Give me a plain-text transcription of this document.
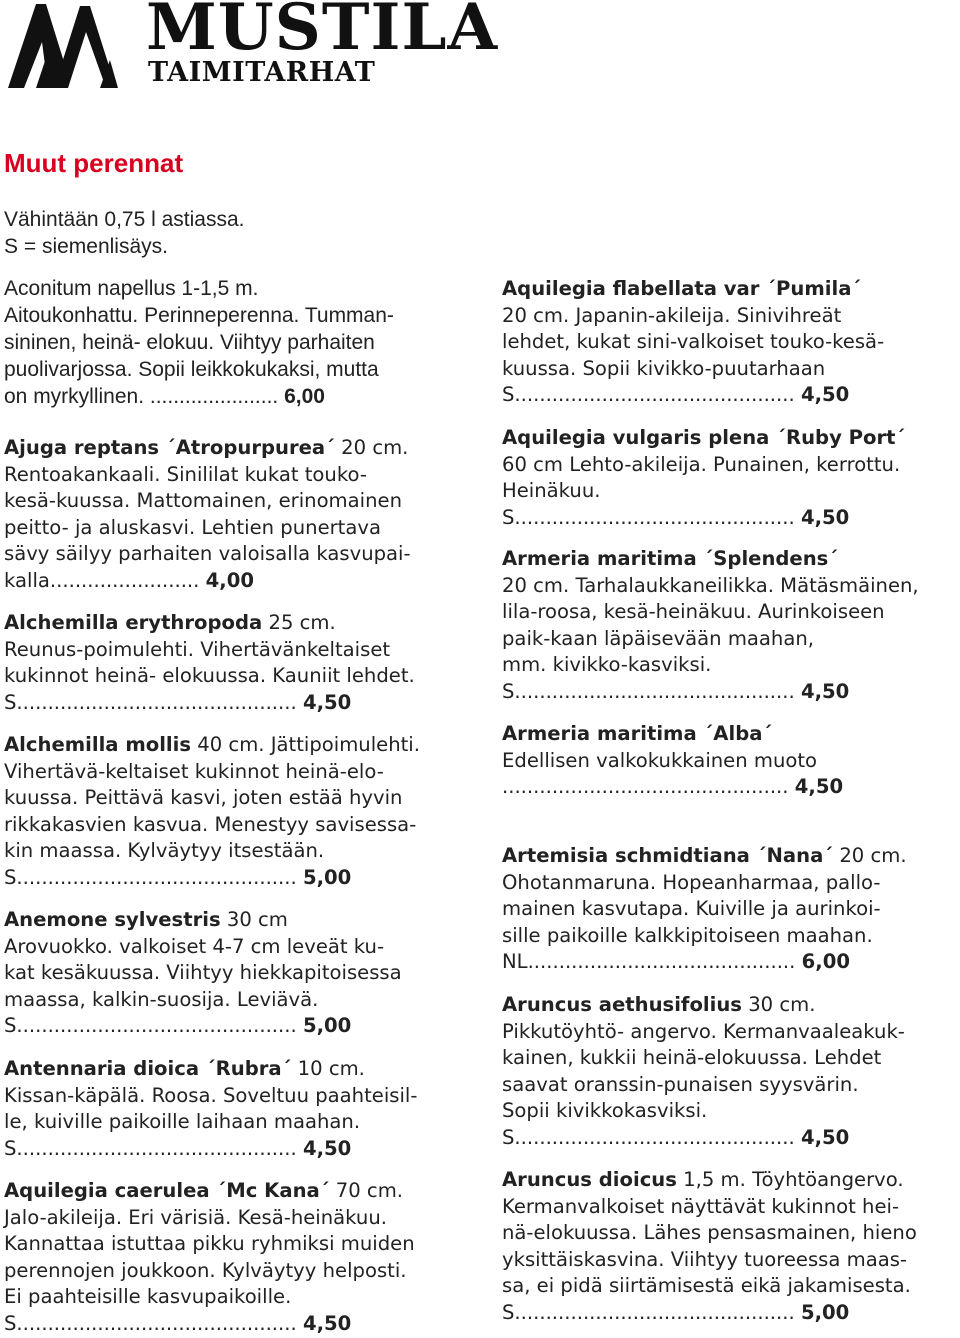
MUSTILA
TAIMITARHAT
Muut perennat

Vähintään 0,75 l astiassa.

S = siemenlisäys.

Aconitum napellus 1-1,5 m.

Aitoukonhattu. Perinneperenna. Tumman-

sininen, heinä- elokuu. Viihtyy parhaiten

puolivarjossa. Sopii leikkokukaksi, mutta

on myrkyllinen. ...................... 6,00

Ajuga reptans ´Atropurpurea´ 20 cm.
Rentoakankaali. Sinililat kukat touko-
kesä-kuussa. Mattomainen, erinomainen
peitto- ja aluskasvi. Lehtien punertava
sävy säilyy parhaiten valoisalla kasvupai-
kalla........................ 4,00
Alchemilla erythropoda 25 cm.
Reunus-poimulehti. Vihertävänkeltaiset
kukinnot heinä- elokuussa. Kauniit lehdet.
S............................................. 4,50
Alchemilla mollis 40 cm. Jättipoimulehti.
Vihertävä-keltaiset kukinnot heinä-elo-
kuussa. Peittävä kasvi, joten estää hyvin
rikkakasvien kasvua. Menestyy savisessa-
kin maassa. Kylväytyy itsestään.
S............................................. 5,00
Anemone sylvestris 30 cm
Arovuokko. valkoiset 4-7 cm leveät ku-
kat kesäkuussa. Viihtyy hiekkapitoisessa
maassa, kalkin-suosija. Leviävä.
S............................................. 5,00
Antennaria dioica ´Rubra´ 10 cm.
Kissan-käpälä. Roosa. Soveltuu paahteisil-
le, kuiville paikoille laihaan maahan.
S............................................. 4,50
Aquilegia caerulea ´Mc Kana´ 70 cm.
Jalo-akileija. Eri värisiä. Kesä-heinäkuu.
Kannattaa istuttaa pikku ryhmiksi muiden
perennojen joukkoon. Kylväytyy helposti.
Ei paahteisille kasvupaikoille.
S............................................. 4,50
Aquilegia flabellata var ´Pumila´
20 cm. Japanin-akileija. Sinivihreät
lehdet, kukat sini-valkoiset touko-kesä-
kuussa. Sopii kivikko-puutarhaan
S............................................. 4,50
Aquilegia vulgaris plena ´Ruby Port´
60 cm Lehto-akileija. Punainen, kerrottu.
Heinäkuu.
S............................................. 4,50
Armeria maritima ´Splendens´
20 cm. Tarhalaukkaneilikka. Mätäsmäinen,
lila-roosa, kesä-heinäkuu. Aurinkoiseen
paik-kaan läpäisevään maahan,
mm. kivikko-kasviksi.
S............................................. 4,50
Armeria maritima ´Alba´
Edellisen valkokukkainen muoto
.............................................. 4,50
Artemisia schmidtiana ´Nana´ 20 cm.
Ohotanmaruna. Hopeanharmaa, pallo-
mainen kasvutapa. Kuiville ja aurinkoi-
sille paikoille kalkkipitoiseen maahan.
NL........................................... 6,00
Aruncus aethusifolius 30 cm.
Pikkutöyhtö- angervo. Kermanvaaleakuk-
kainen, kukkii heinä-elokuussa. Lehdet
saavat oranssin-punaisen syysvärin.
Sopii kivikkokasviksi.
S............................................. 4,50
Aruncus dioicus 1,5 m. Töyhtöangervo.
Kermanvalkoiset näyttävät kukinnot hei-
nä-elokuussa. Lähes pensasmainen, hieno
yksittäiskasvina. Viihtyy tuoreessa maas-
sa, ei pidä siirtämisestä eikä jakamisesta.
S............................................. 5,00
